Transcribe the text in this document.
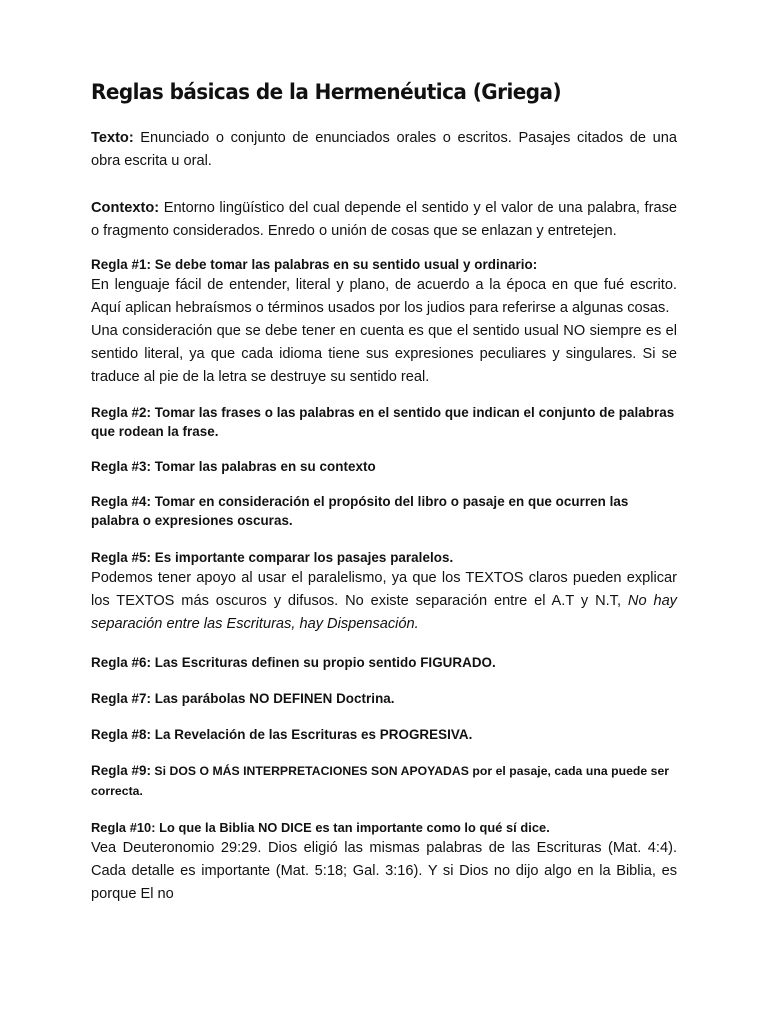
Reglas básicas de la Hermenéutica (Griega)

Texto: Enunciado o conjunto de enunciados orales o escritos. Pasajes citados de una obra escrita u oral.

Contexto: Entorno lingüístico del cual depende el sentido y el valor de una palabra, frase o fragmento considerados. Enredo o unión de cosas que se enlazan y entretejen.

Regla #1: Se debe tomar las palabras en su sentido usual y ordinario:

En lenguaje fácil de entender, literal y plano, de acuerdo a la época en que fué escrito. Aquí aplican hebraísmos o términos usados por los judios para referirse a algunas cosas.

Una consideración que se debe tener en cuenta es que el sentido usual NO siempre es el sentido literal, ya que cada idioma tiene sus expresiones peculiares y singulares. Si se traduce al pie de la letra se destruye su sentido real.

Regla #2: Tomar las frases o las palabras en el sentido que indican el conjunto de palabras que rodean la frase.

Regla #3: Tomar las palabras en su contexto

Regla #4: Tomar en consideración el propósito del libro o pasaje en que ocurren las palabra o expresiones oscuras.

Regla #5: Es importante comparar los pasajes paralelos.

Podemos tener apoyo al usar el paralelismo, ya que los TEXTOS claros pueden explicar los TEXTOS más oscuros y difusos. No existe separación entre el A.T y N.T, No hay separación entre las Escrituras, hay Dispensación.

Regla #6: Las Escrituras definen su propio sentido FIGURADO.

Regla #7: Las parábolas NO DEFINEN Doctrina.

Regla #8: La Revelación de las Escrituras es PROGRESIVA.

Regla #9: Si DOS O MÁS INTERPRETACIONES SON APOYADAS por el pasaje, cada una puede ser correcta.

Regla #10: Lo que la Biblia NO DICE es tan importante como lo qué sí dice.

Vea Deuteronomio 29:29. Dios eligió las mismas palabras de las Escrituras (Mat. 4:4). Cada detalle es importante (Mat. 5:18; Gal. 3:16). Y si Dios no dijo algo en la Biblia, es porque El no
